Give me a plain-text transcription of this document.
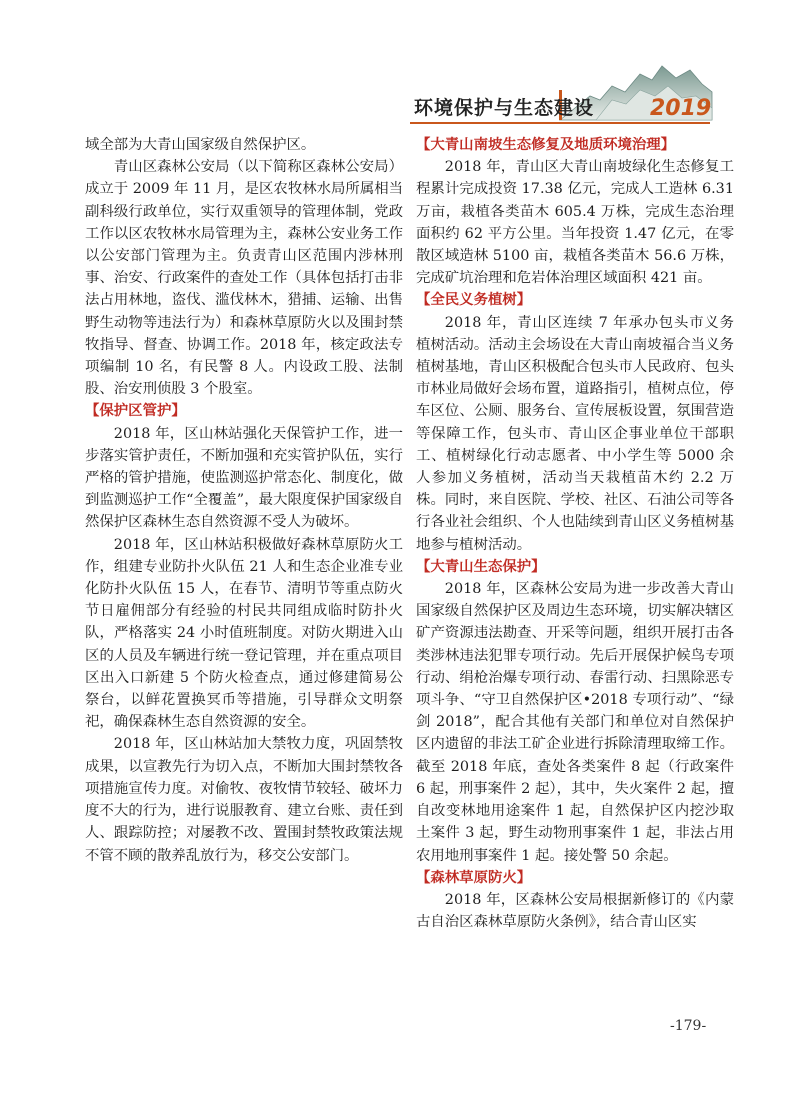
环境保护与生态建设	2019

域全部为大青山国家级自然保护区。

青山区森林公安局（以下简称区森林公安局）成立于 2009 年 11 月，是区农牧林水局所属相当副科级行政单位，实行双重领导的管理体制，党政工作以区农牧林水局管理为主，森林公安业务工作以公安部门管理为主。负责青山区范围内涉林刑事、治安、行政案件的查处工作（具体包括打击非法占用林地，盗伐、滥伐林木，猎捕、运输、出售野生动物等违法行为）和森林草原防火以及围封禁牧指导、督查、协调工作。2018 年，核定政法专项编制 10 名，有民警 8 人。内设政工股、法制股、治安刑侦股 3 个股室。

【保护区管护】

2018 年，区山林站强化天保管护工作，进一步落实管护责任，不断加强和充实管护队伍，实行严格的管护措施，使监测巡护常态化、制度化，做到监测巡护工作“全覆盖”，最大限度保护国家级自然保护区森林生态自然资源不受人为破坏。

2018 年，区山林站积极做好森林草原防火工作，组建专业防扑火队伍 21 人和生态企业准专业化防扑火队伍 15 人，在春节、清明节等重点防火节日雇佣部分有经验的村民共同组成临时防扑火队，严格落实 24 小时值班制度。对防火期进入山区的人员及车辆进行统一登记管理，并在重点项目区出入口新建 5 个防火检查点，通过修建简易公祭台，以鲜花置换冥币等措施，引导群众文明祭祀，确保森林生态自然资源的安全。

2018 年，区山林站加大禁牧力度，巩固禁牧成果，以宣教先行为切入点，不断加大围封禁牧各项措施宣传力度。对偷牧、夜牧情节较轻、破坏力度不大的行为，进行说服教育、建立台账、责任到人、跟踪防控；对屡教不改、置围封禁牧政策法规不管不顾的散养乱放行为，移交公安部门。

【大青山南坡生态修复及地质环境治理】

2018 年，青山区大青山南坡绿化生态修复工程累计完成投资 17.38 亿元，完成人工造林 6.31 万亩，栽植各类苗木 605.4 万株，完成生态治理面积约 62 平方公里。当年投资 1.47 亿元，在零散区域造林 5100 亩，栽植各类苗木 56.6 万株，完成矿坑治理和危岩体治理区域面积 421 亩。

【全民义务植树】

2018 年，青山区连续 7 年承办包头市义务植树活动。活动主会场设在大青山南坡福合当义务植树基地，青山区积极配合包头市人民政府、包头市林业局做好会场布置，道路指引，植树点位，停车区位、公厕、服务台、宣传展板设置，氛围营造等保障工作，包头市、青山区企事业单位干部职工、植树绿化行动志愿者、中小学生等 5000 余人参加义务植树，活动当天栽植苗木约 2.2 万株。同时，来自医院、学校、社区、石油公司等各行各业社会组织、个人也陆续到青山区义务植树基地参与植树活动。

【大青山生态保护】

2018 年，区森林公安局为进一步改善大青山国家级自然保护区及周边生态环境，切实解决辖区矿产资源违法勘查、开采等问题，组织开展打击各类涉林违法犯罪专项行动。先后开展保护候鸟专项行动、绢枪治爆专项行动、春雷行动、扫黑除恶专项斗争、“守卫自然保护区•2018 专项行动”、“绿剑 2018”，配合其他有关部门和单位对自然保护区内遗留的非法工矿企业进行拆除清理取缔工作。截至 2018 年底，查处各类案件 8 起（行政案件 6 起，刑事案件 2 起），其中，失火案件 2 起，擅自改变林地用途案件 1 起，自然保护区内挖沙取土案件 3 起，野生动物刑事案件 1 起，非法占用农用地刑事案件 1 起。接处警 50 余起。

【森林草原防火】

2018 年，区森林公安局根据新修订的《内蒙古自治区森林草原防火条例》，结合青山区实

-179-
